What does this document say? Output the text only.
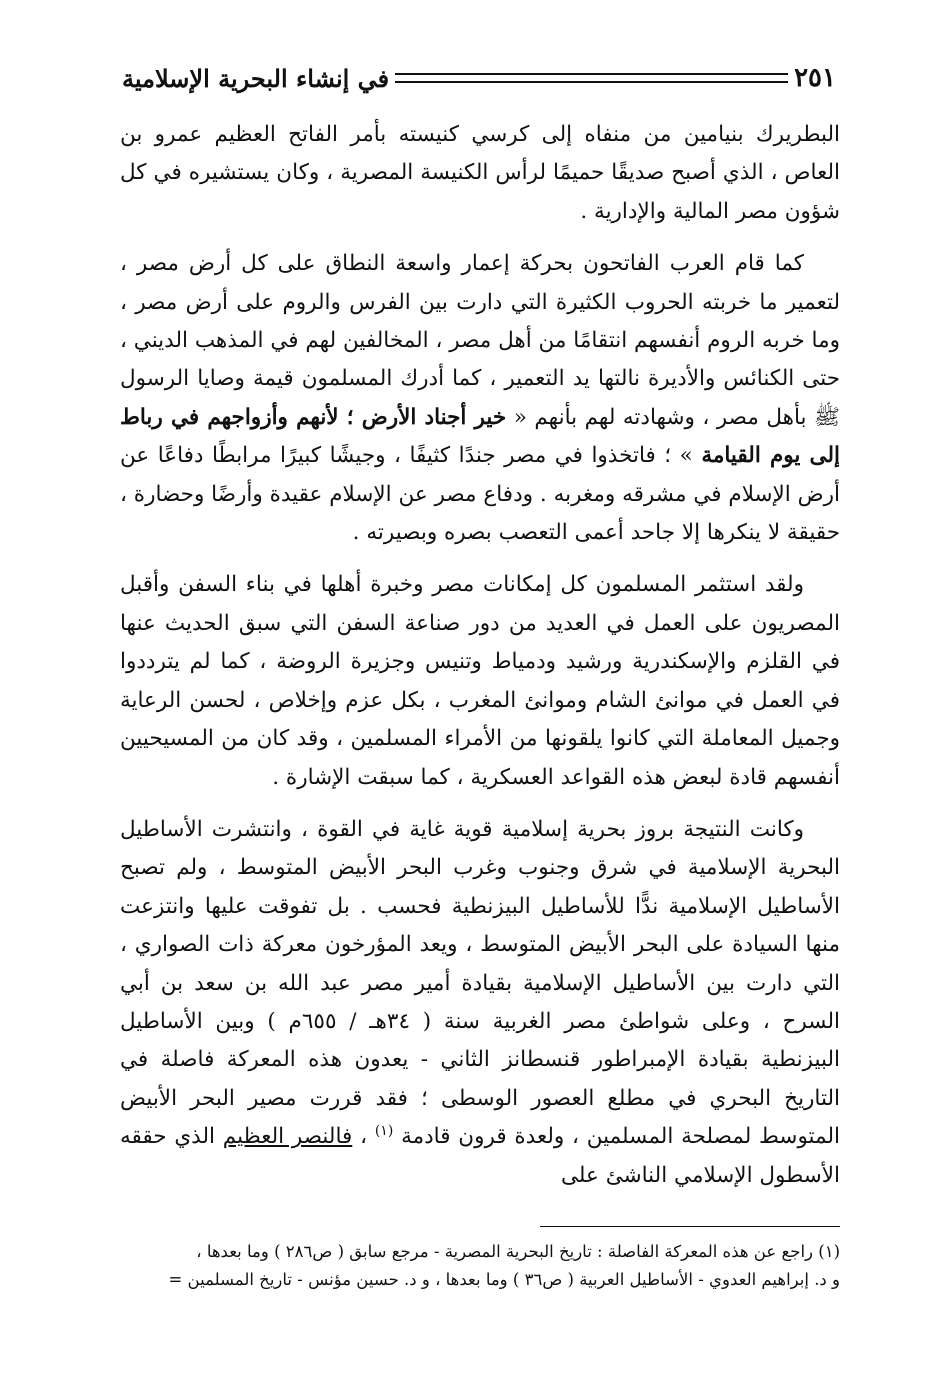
في إنشاء البحرية الإسلامية	٢٥١

البطريرك بنيامين من منفاه إلى كرسي كنيسته بأمر الفاتح العظيم عمرو بن العاص ، الذي أصبح صديقًا حميمًا لرأس الكنيسة المصرية ، وكان يستشيره في كل شؤون مصر المالية والإدارية .

كما قام العرب الفاتحون بحركة إعمار واسعة النطاق على كل أرض مصر ، لتعمير ما خربته الحروب الكثيرة التي دارت بين الفرس والروم على أرض مصر ، وما خربه الروم أنفسهم انتقامًا من أهل مصر ، المخالفين لهم في المذهب الديني ، حتى الكنائس والأديرة نالتها يد التعمير ، كما أدرك المسلمون قيمة وصايا الرسول ﷺ بأهل مصر ، وشهادته لهم بأنهم « خير أجناد الأرض ؛ لأنهم وأزواجهم في رباط إلى يوم القيامة » ؛ فاتخذوا في مصر جندًا كثيفًا ، وجيشًا كبيرًا مرابطًا دفاعًا عن أرض الإسلام في مشرقه ومغربه . ودفاع مصر عن الإسلام عقيدة وأرضًا وحضارة ، حقيقة لا ينكرها إلا جاحد أعمى التعصب بصره وبصيرته .

ولقد استثمر المسلمون كل إمكانات مصر وخبرة أهلها في بناء السفن وأقبل المصريون على العمل في العديد من دور صناعة السفن التي سبق الحديث عنها في القلزم والإسكندرية ورشيد ودمياط وتنيس وجزيرة الروضة ، كما لم يترددوا في العمل في موانئ الشام وموانئ المغرب ، بكل عزم وإخلاص ، لحسن الرعاية وجميل المعاملة التي كانوا يلقونها من الأمراء المسلمين ، وقد كان من المسيحيين أنفسهم قادة لبعض هذه القواعد العسكرية ، كما سبقت الإشارة .

وكانت النتيجة بروز بحرية إسلامية قوية غاية في القوة ، وانتشرت الأساطيل البحرية الإسلامية في شرق وجنوب وغرب البحر الأبيض المتوسط ، ولم تصبح الأساطيل الإسلامية ندًّا للأساطيل البيزنطية فحسب . بل تفوقت عليها وانتزعت منها السيادة على البحر الأبيض المتوسط ، ويعد المؤرخون معركة ذات الصواري ، التي دارت بين الأساطيل الإسلامية بقيادة أمير مصر عبد الله بن سعد بن أبي السرح ، وعلى شواطئ مصر الغربية سنة ( ٣٤هـ / ٦٥٥م ) وبين الأساطيل البيزنطية بقيادة الإمبراطور قنسطانز الثاني - يعدون هذه المعركة فاصلة في التاريخ البحري في مطلع العصور الوسطى ؛ فقد قررت مصير البحر الأبيض المتوسط لمصلحة المسلمين ، ولعدة قرون قادمة $^{(١)}$ ، فالنصر العظيم الذي حققه الأسطول الإسلامي الناشئ على

(١) راجع عن هذه المعركة الفاصلة : تاريخ البحرية المصرية - مرجع سابق ( ص٢٨٦ ) وما بعدها ،

و د. إبراهيم العدوي - الأساطيل العربية ( ص٣٦ ) وما بعدها ، و د. حسين مؤنس - تاريخ المسلمين =
